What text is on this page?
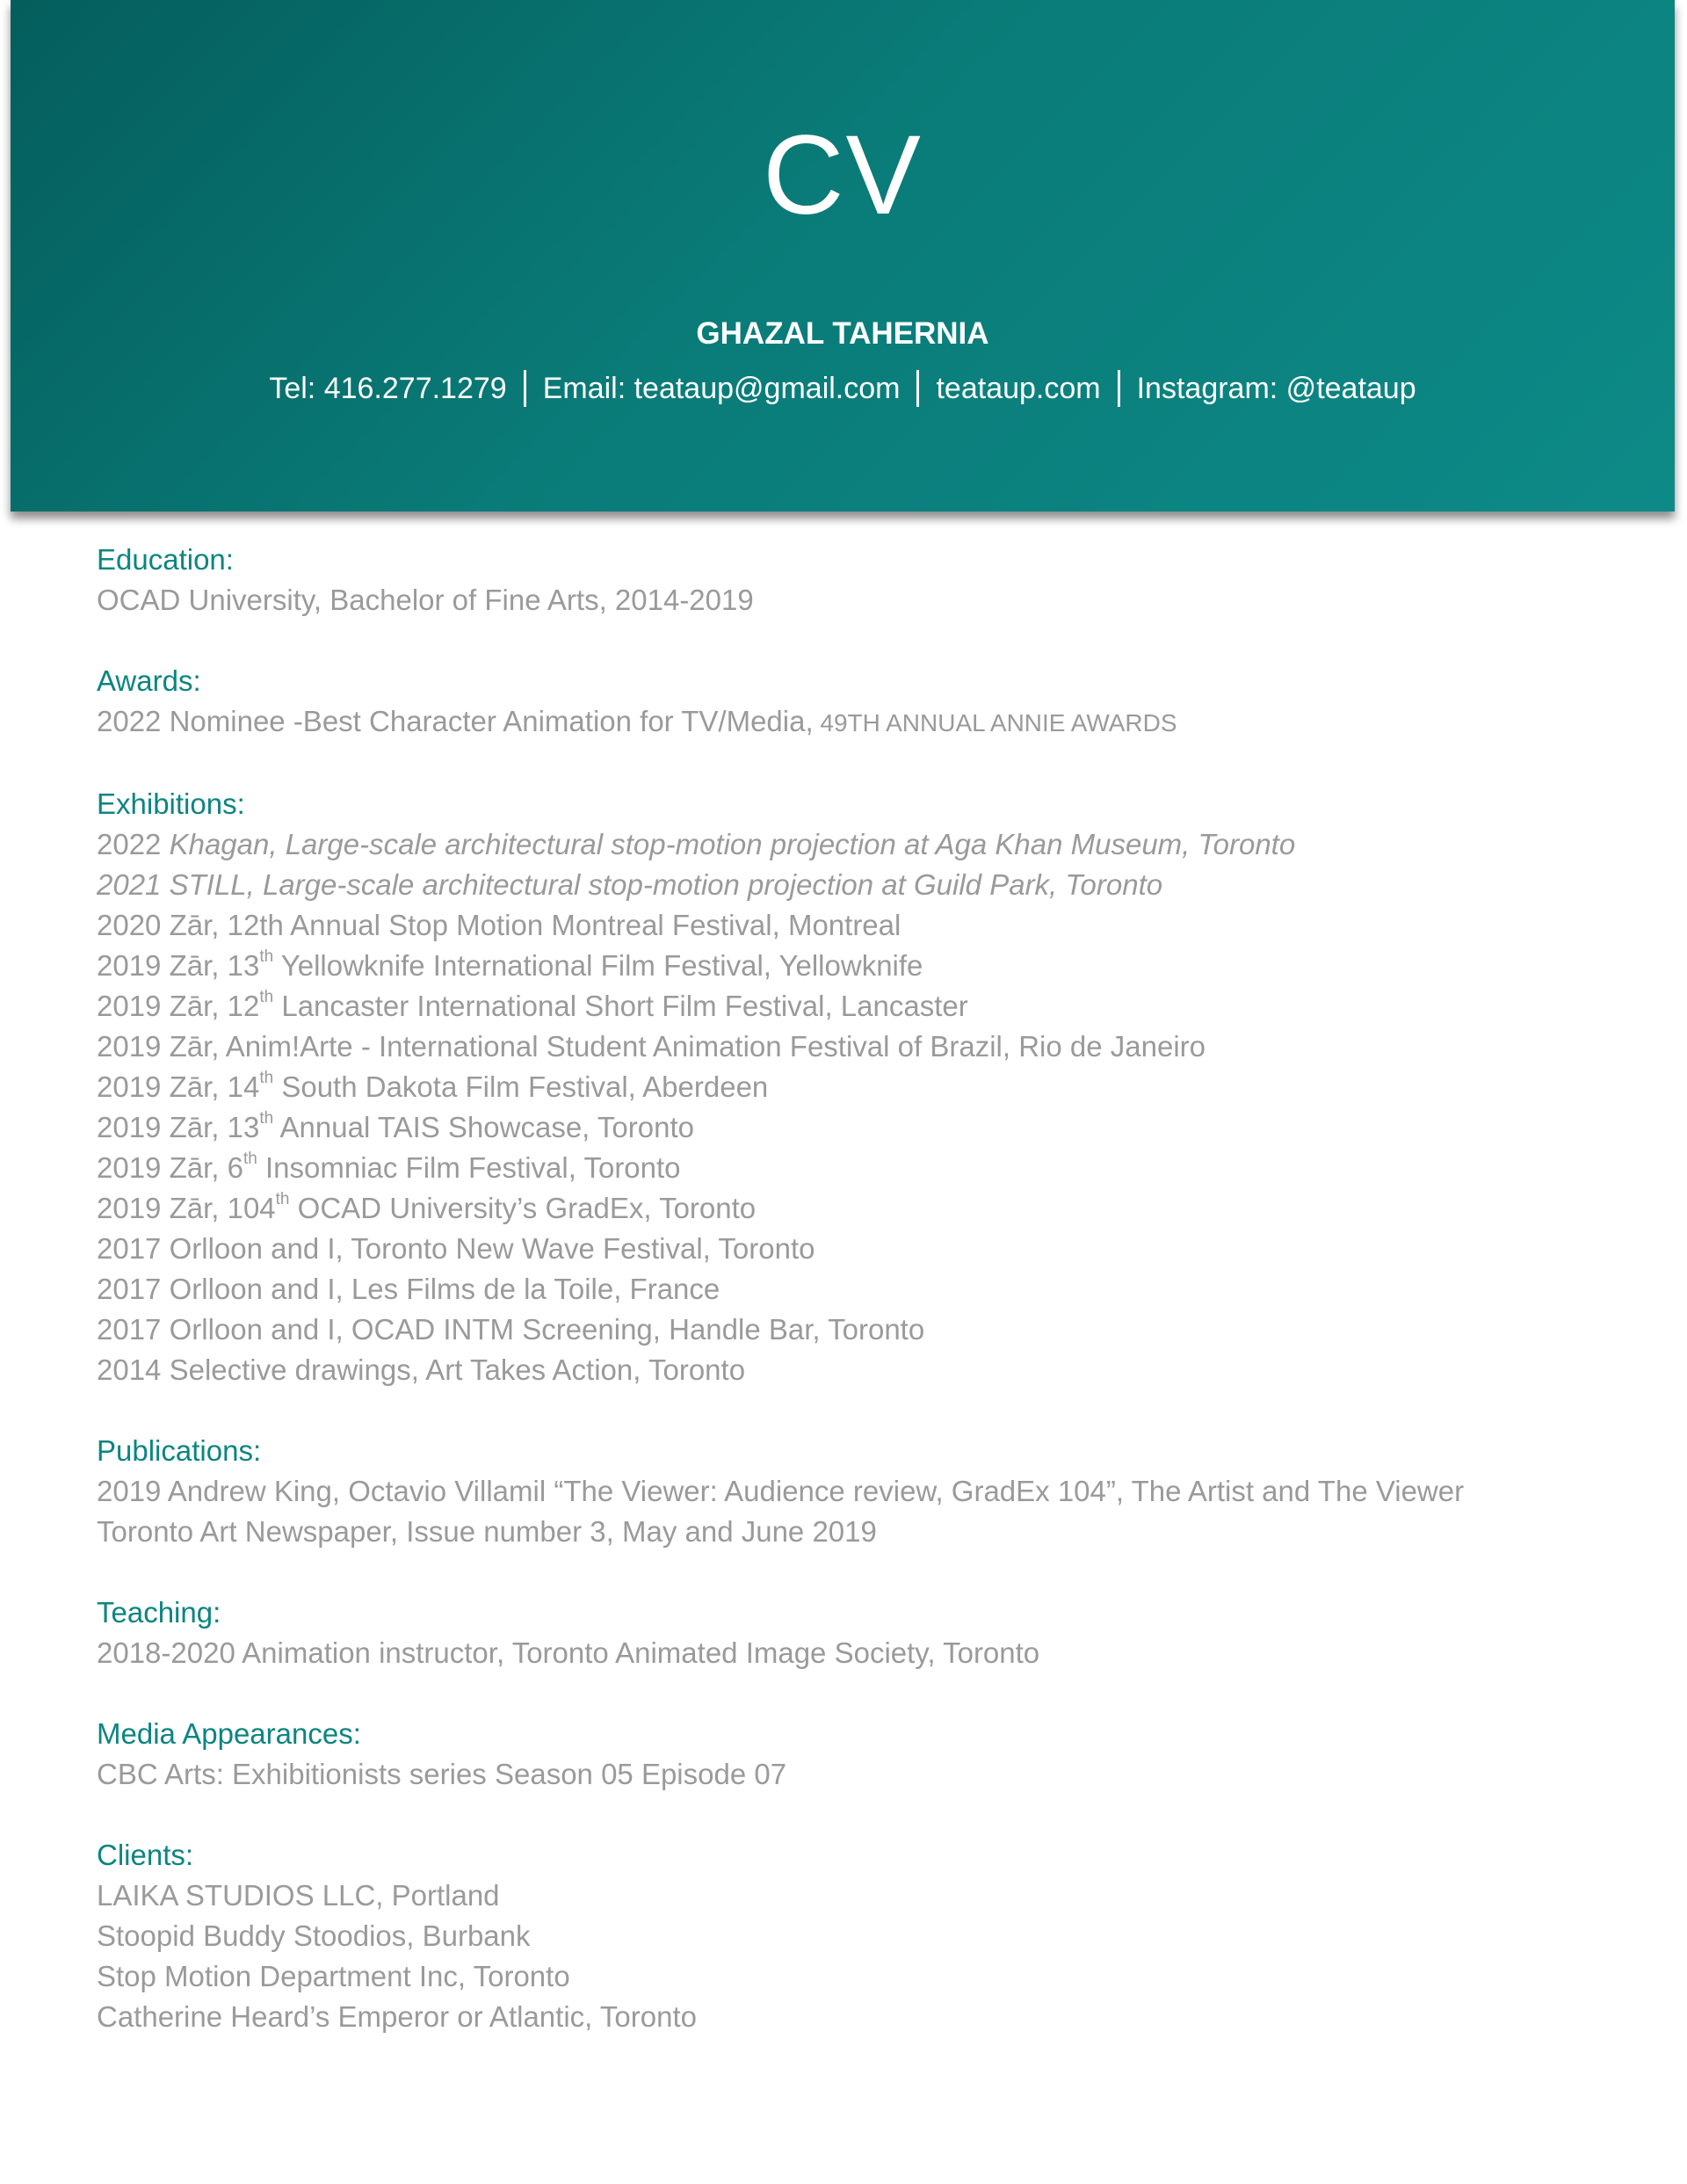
CV
GHAZAL TAHERNIA
Tel: 416.277.1279 Email: teataup@gmail.com teataup.com Instagram: @teataup
Education:
OCAD University, Bachelor of Fine Arts, 2014-2019
Awards:
2022 Nominee -Best Character Animation for TV/Media, 49TH ANNUAL ANNIE AWARDS
Exhibitions:
2022 Khagan, Large-scale architectural stop-motion projection at Aga Khan Museum, Toronto
2021 STILL, Large-scale architectural stop-motion projection at Guild Park, Toronto
2020 Zār, 12th Annual Stop Motion Montreal Festival, Montreal
2019 Zār, 13th Yellowknife International Film Festival, Yellowknife
2019 Zār, 12th Lancaster International Short Film Festival, Lancaster
2019 Zār, Anim!Arte - International Student Animation Festival of Brazil, Rio de Janeiro
2019 Zār, 14th South Dakota Film Festival, Aberdeen
2019 Zār, 13th Annual TAIS Showcase, Toronto
2019 Zār, 6th Insomniac Film Festival, Toronto
2019 Zār, 104th OCAD University’s GradEx, Toronto
2017 Orlloon and I, Toronto New Wave Festival, Toronto
2017 Orlloon and I, Les Films de la Toile, France
2017 Orlloon and I, OCAD INTM Screening, Handle Bar, Toronto
2014 Selective drawings, Art Takes Action, Toronto
Publications:
2019 Andrew King, Octavio Villamil “The Viewer: Audience review, GradEx 104”, The Artist and The Viewer Toronto Art Newspaper, Issue number 3, May and June 2019
Teaching:
2018-2020 Animation instructor, Toronto Animated Image Society, Toronto
Media Appearances:
CBC Arts: Exhibitionists series Season 05 Episode 07
Clients:
LAIKA STUDIOS LLC, Portland
Stoopid Buddy Stoodios, Burbank
Stop Motion Department Inc, Toronto
Catherine Heard’s Emperor or Atlantic, Toronto
